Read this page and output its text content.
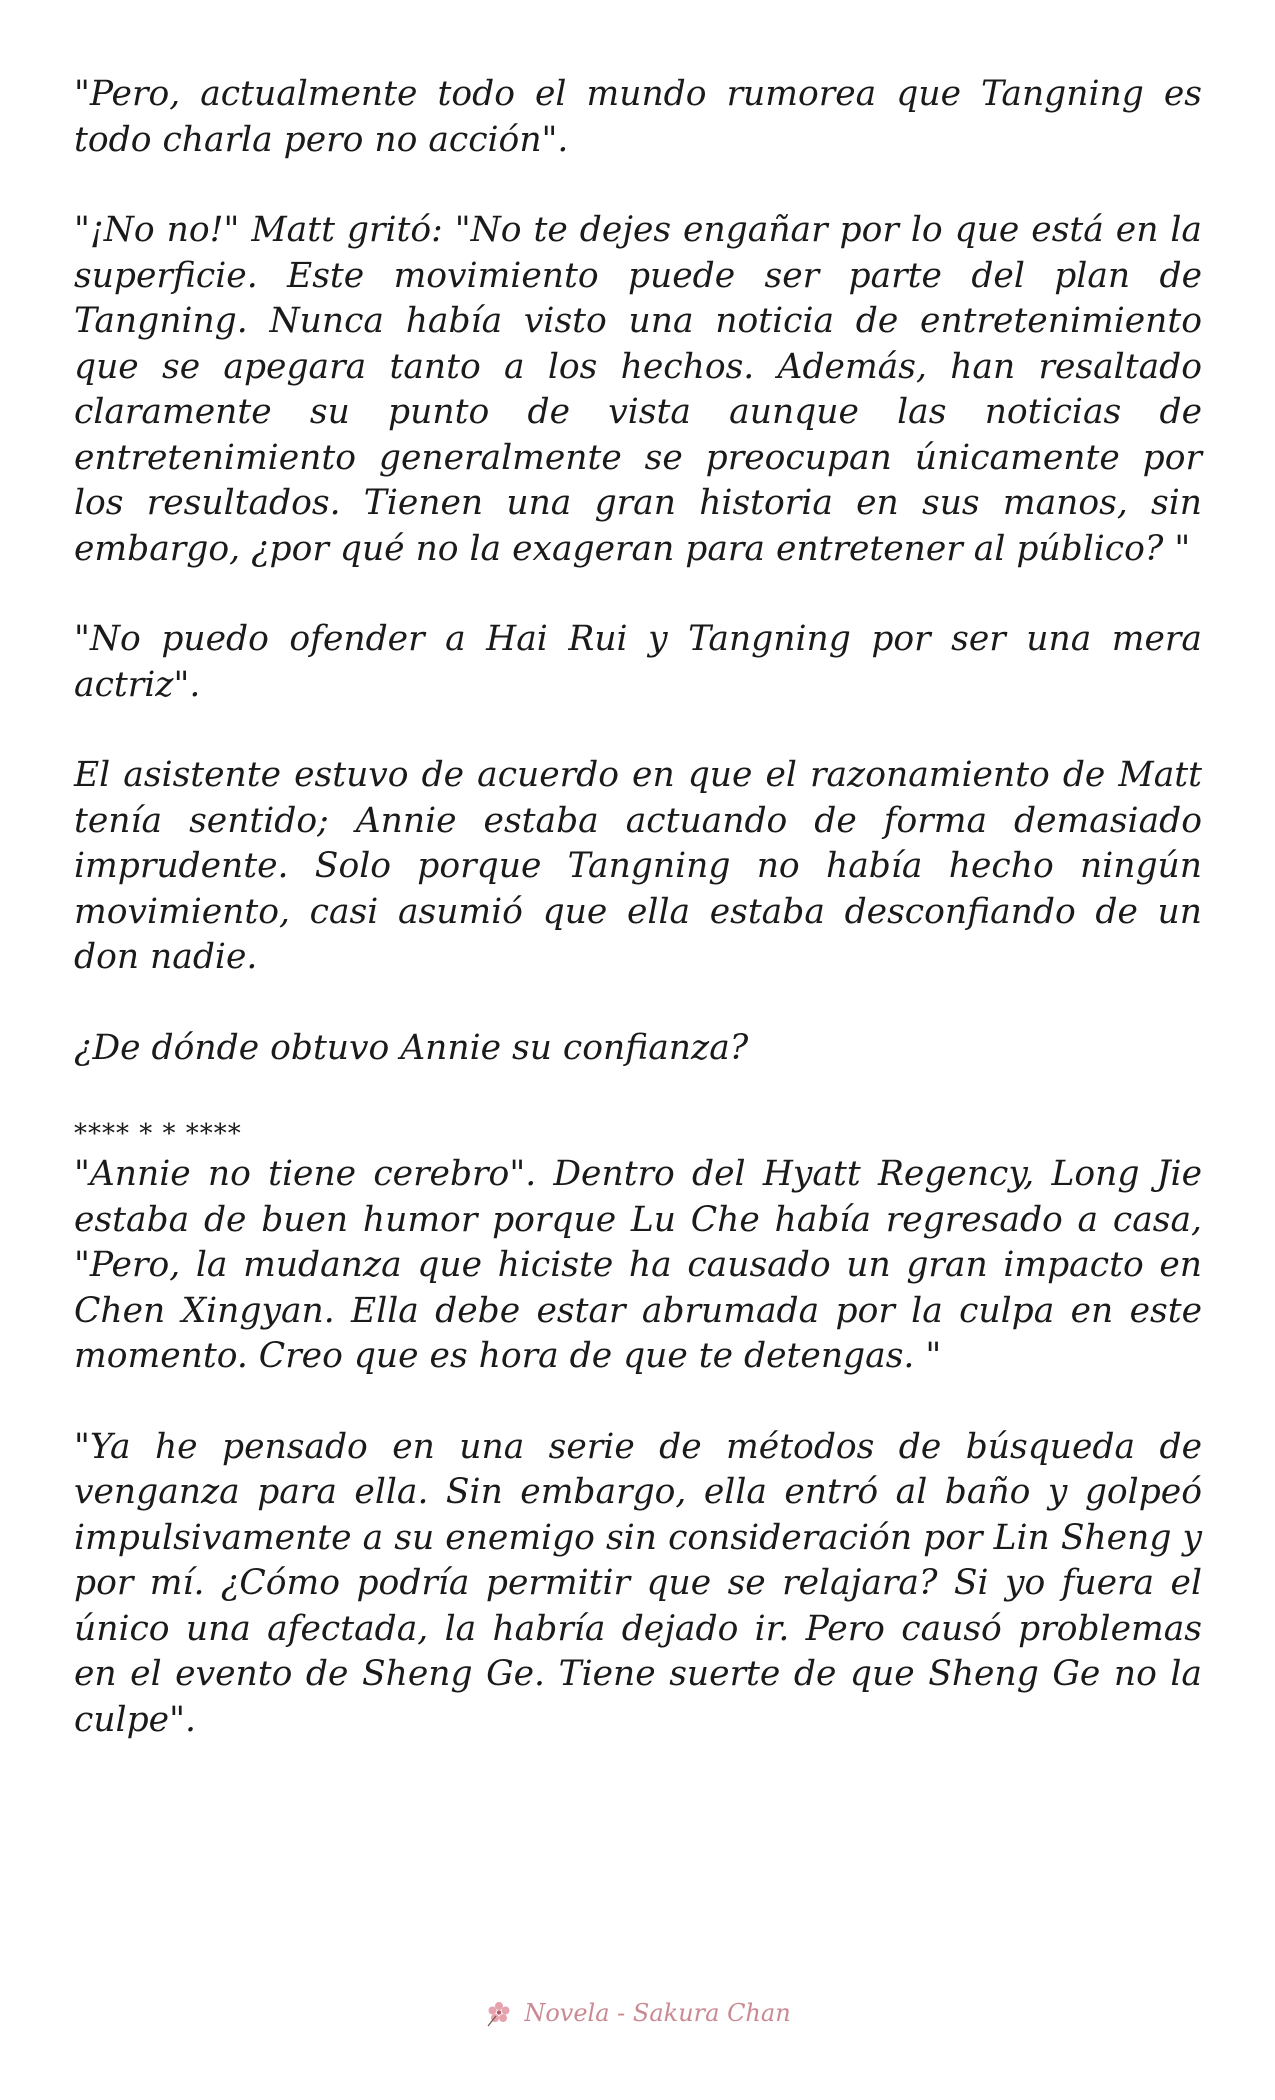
"Pero, actualmente todo el mundo rumorea que Tangning es todo charla pero no acción".

"¡No no!" Matt gritó: "No te dejes engañar por lo que está en la superficie. Este movimiento puede ser parte del plan de Tangning. Nunca había visto una noticia de entretenimiento que se apegara tanto a los hechos. Además, han resaltado claramente su punto de vista aunque las noticias de entretenimiento generalmente se preocupan únicamente por los resultados. Tienen una gran historia en sus manos, sin embargo, ¿por qué no la exageran para entretener al público? "

"No puedo ofender a Hai Rui y Tangning por ser una mera actriz".

El asistente estuvo de acuerdo en que el razonamiento de Matt tenía sentido; Annie estaba actuando de forma demasiado imprudente. Solo porque Tangning no había hecho ningún movimiento, casi asumió que ella estaba desconfiando de un don nadie.

¿De dónde obtuvo Annie su confianza?

**** * * ****

"Annie no tiene cerebro". Dentro del Hyatt Regency, Long Jie estaba de buen humor porque Lu Che había regresado a casa, "Pero, la mudanza que hiciste ha causado un gran impacto en Chen Xingyan. Ella debe estar abrumada por la culpa en este momento. Creo que es hora de que te detengas. "

"Ya he pensado en una serie de métodos de búsqueda de venganza para ella. Sin embargo, ella entró al baño y golpeó impulsivamente a su enemigo sin consideración por Lin Sheng y por mí. ¿Cómo podría permitir que se relajara? Si yo fuera el único una afectada, la habría dejado ir. Pero causó problemas en el evento de Sheng Ge. Tiene suerte de que Sheng Ge no la culpe".

Novela - Sakura Chan
